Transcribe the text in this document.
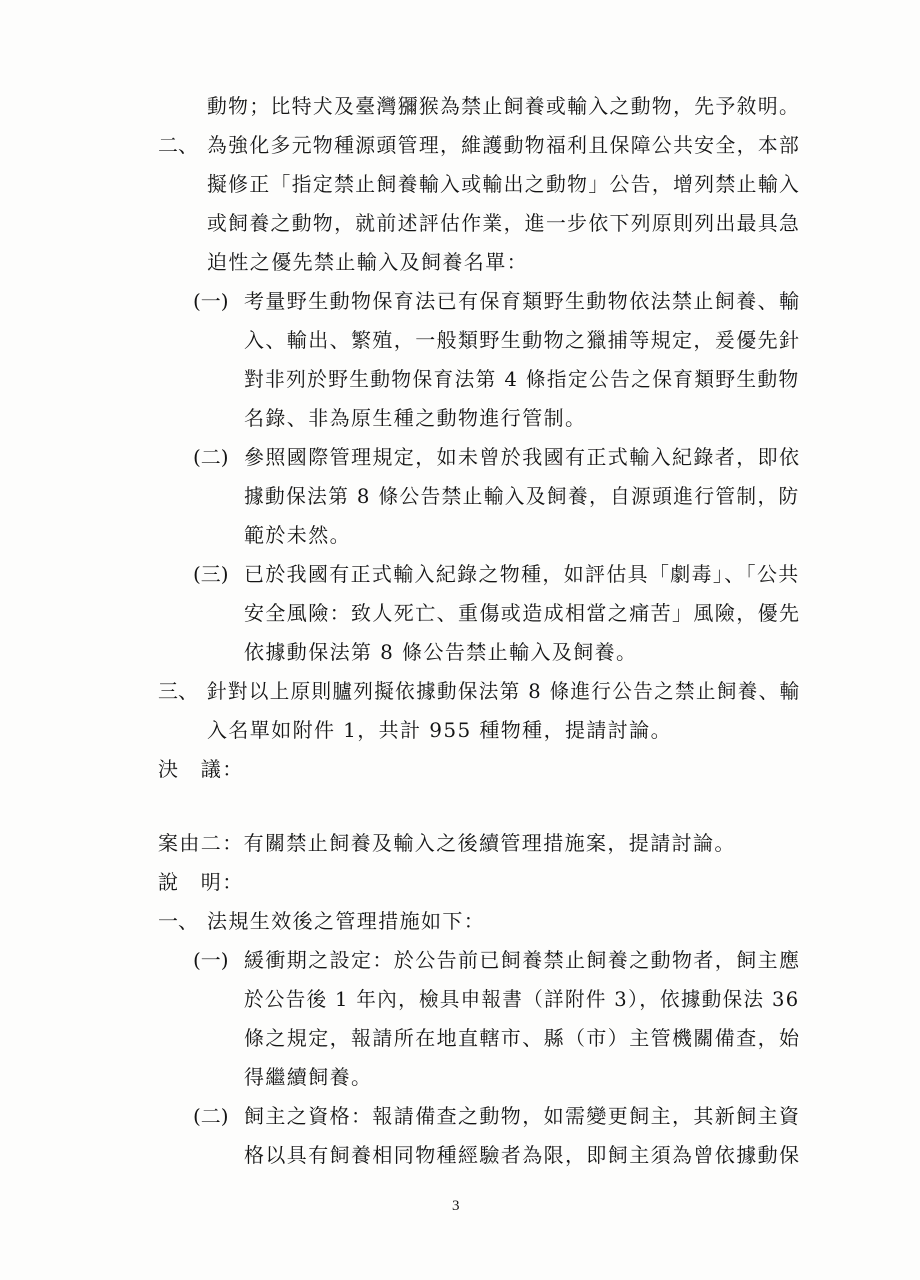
動物；比特犬及臺灣獼猴為禁止飼養或輸入之動物，先予敘明。
二、 為強化多元物種源頭管理，維護動物福利且保障公共安全，本部
擬修正「指定禁止飼養輸入或輸出之動物」公告，增列禁止輸入
或飼養之動物，就前述評估作業，進一步依下列原則列出最具急
迫性之優先禁止輸入及飼養名單：
(一) 考量野生動物保育法已有保育類野生動物依法禁止飼養、輸
入、輸出、繁殖，一般類野生動物之獵捕等規定，爰優先針
對非列於野生動物保育法第 4 條指定公告之保育類野生動物
名錄、非為原生種之動物進行管制。
(二) 參照國際管理規定，如未曾於我國有正式輸入紀錄者，即依
據動保法第 8 條公告禁止輸入及飼養，自源頭進行管制，防
範於未然。
(三) 已於我國有正式輸入紀錄之物種，如評估具「劇毒」、「公共
安全風險：致人死亡、重傷或造成相當之痛苦」風險，優先
依據動保法第 8 條公告禁止輸入及飼養。
三、 針對以上原則臚列擬依據動保法第 8 條進行公告之禁止飼養、輸
入名單如附件 1，共計 955 種物種，提請討論。
決　議：
案由二：有關禁止飼養及輸入之後續管理措施案，提請討論。
說　明：
一、 法規生效後之管理措施如下：
(一) 緩衝期之設定：於公告前已飼養禁止飼養之動物者，飼主應
於公告後 1 年內，檢具申報書（詳附件 3），依據動保法 36
條之規定，報請所在地直轄市、縣（市）主管機關備查，始
得繼續飼養。
(二) 飼主之資格：報請備查之動物，如需變更飼主，其新飼主資
格以具有飼養相同物種經驗者為限，即飼主須為曾依據動保
3
